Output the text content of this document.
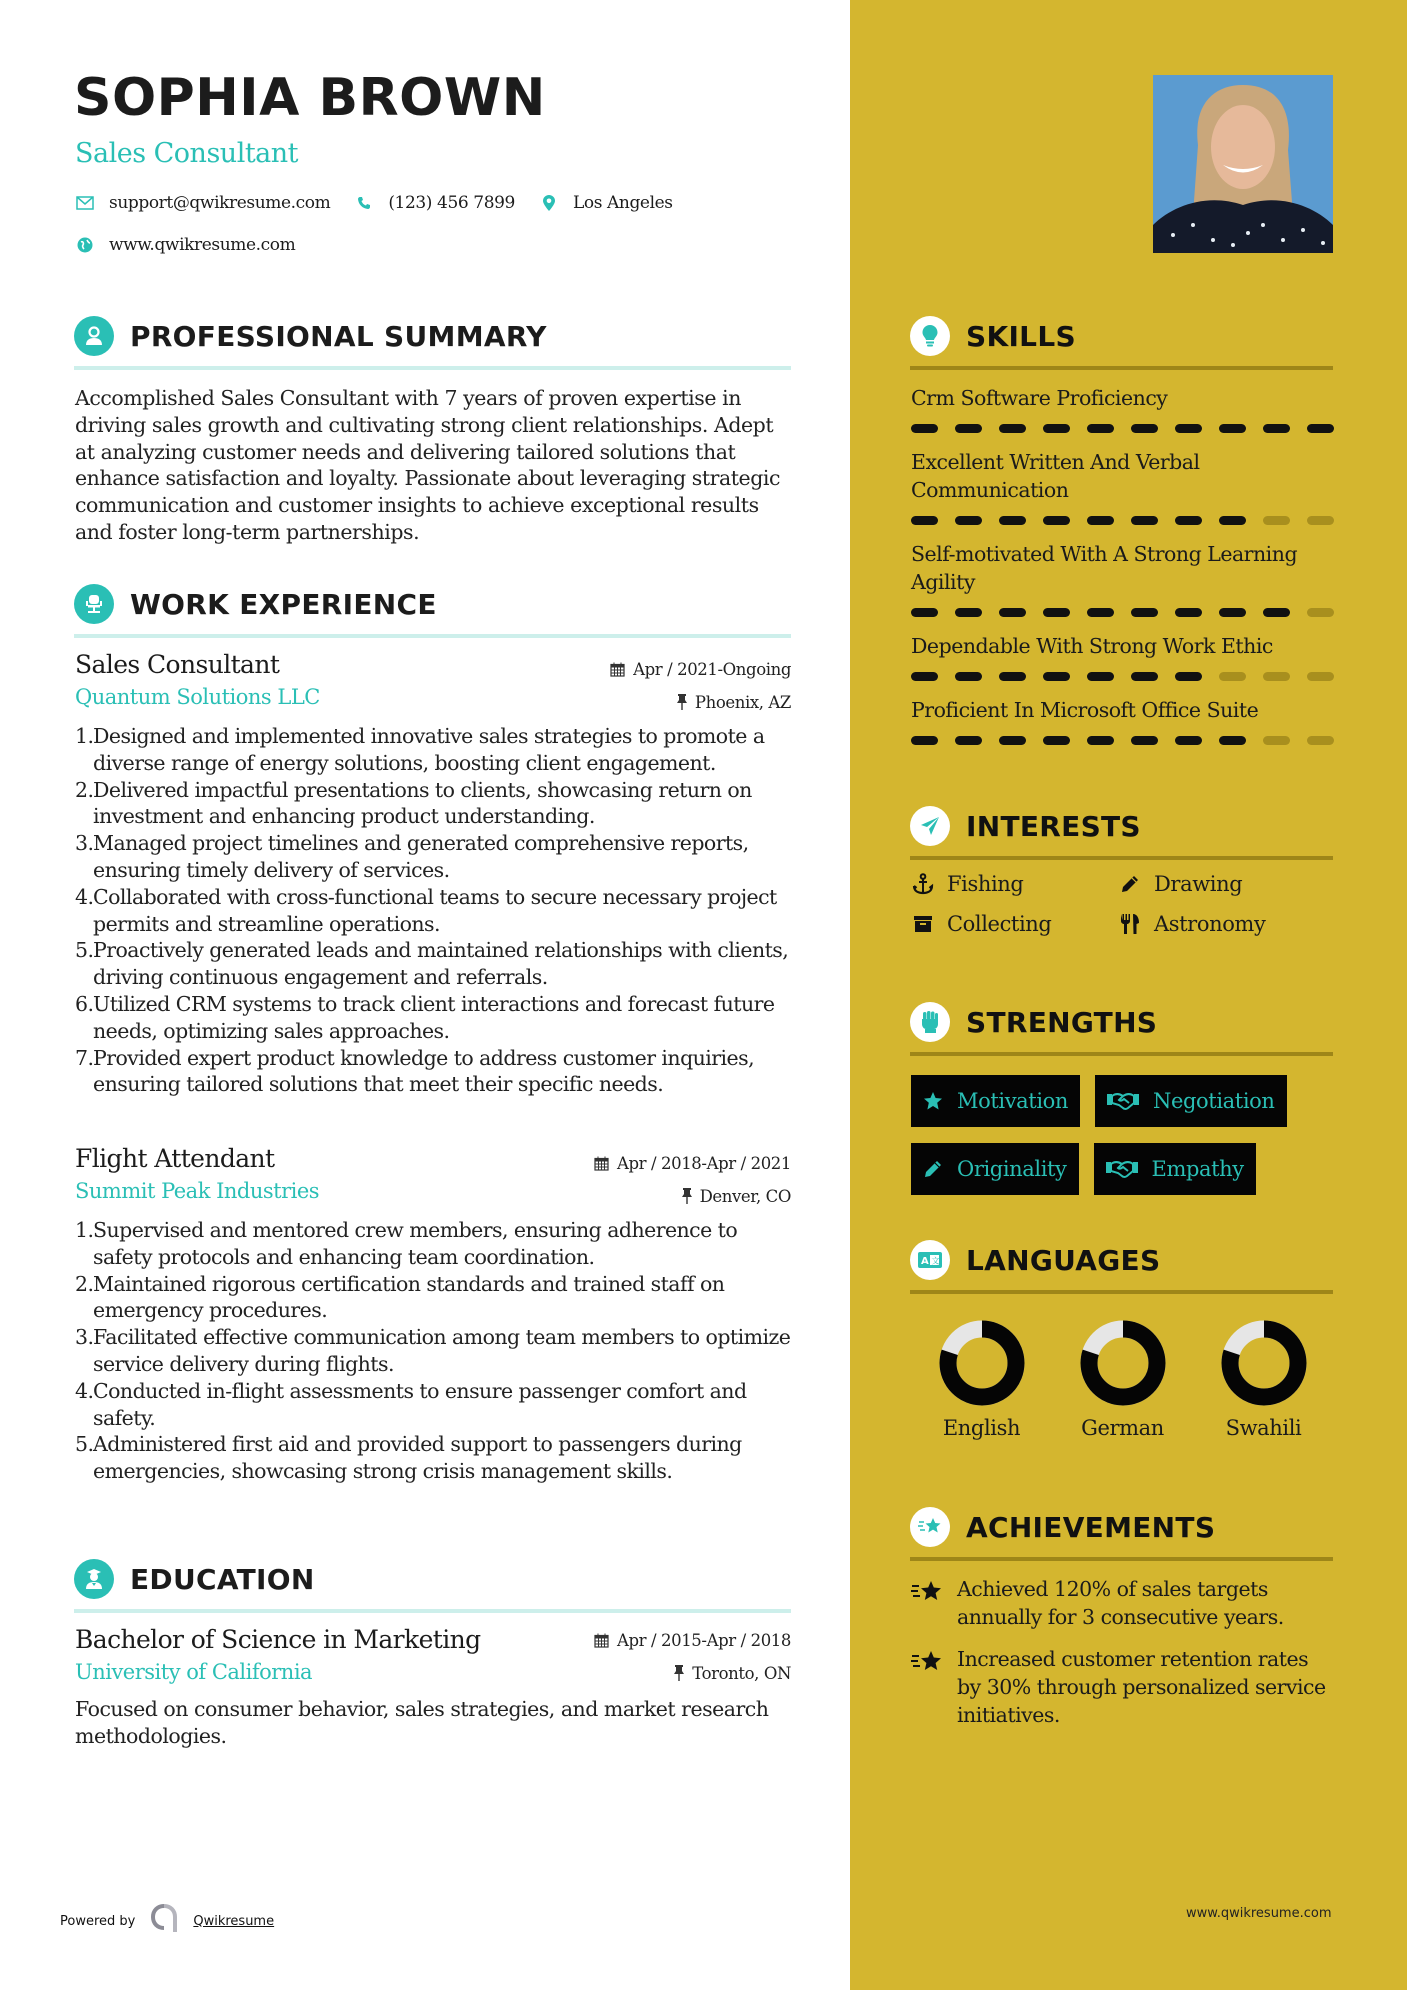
SOPHIA BROWN
Sales Consultant
support@qwikresume.com	(123) 456 7899	Los Angeles
www.qwikresume.com
PROFESSIONAL SUMMARY
Accomplished Sales Consultant with 7 years of proven expertise in driving sales growth and cultivating strong client relationships. Adept at analyzing customer needs and delivering tailored solutions that enhance satisfaction and loyalty. Passionate about leveraging strategic communication and customer insights to achieve exceptional results and foster long-term partnerships.
WORK EXPERIENCE
Sales Consultant
Quantum Solutions LLC
Apr / 2021-Ongoing
Phoenix, AZ
1. Designed and implemented innovative sales strategies to promote a diverse range of energy solutions, boosting client engagement.
2. Delivered impactful presentations to clients, showcasing return on investment and enhancing product understanding.
3. Managed project timelines and generated comprehensive reports, ensuring timely delivery of services.
4. Collaborated with cross-functional teams to secure necessary project permits and streamline operations.
5. Proactively generated leads and maintained relationships with clients, driving continuous engagement and referrals.
6. Utilized CRM systems to track client interactions and forecast future needs, optimizing sales approaches.
7. Provided expert product knowledge to address customer inquiries, ensuring tailored solutions that meet their specific needs.
Flight Attendant
Summit Peak Industries
Apr / 2018-Apr / 2021
Denver, CO
1. Supervised and mentored crew members, ensuring adherence to safety protocols and enhancing team coordination.
2. Maintained rigorous certification standards and trained staff on emergency procedures.
3. Facilitated effective communication among team members to optimize service delivery during flights.
4. Conducted in-flight assessments to ensure passenger comfort and safety.
5. Administered first aid and provided support to passengers during emergencies, showcasing strong crisis management skills.
EDUCATION
Bachelor of Science in Marketing
University of California
Apr / 2015-Apr / 2018
Toronto, ON
Focused on consumer behavior, sales strategies, and market research methodologies.
Powered by	Qwikresume
SKILLS
Crm Software Proficiency
Excellent Written And Verbal Communication
Self-motivated With A Strong Learning Agility
Dependable With Strong Work Ethic
Proficient In Microsoft Office Suite
INTERESTS
Fishing	Drawing
Collecting	Astronomy
STRENGTHS
Motivation	Negotiation
Originality	Empathy
A 文 LANGUAGES
English	German	Swahili
ACHIEVEMENTS
Achieved 120% of sales targets annually for 3 consecutive years.
Increased customer retention rates by 30% through personalized service initiatives.
www.qwikresume.com
